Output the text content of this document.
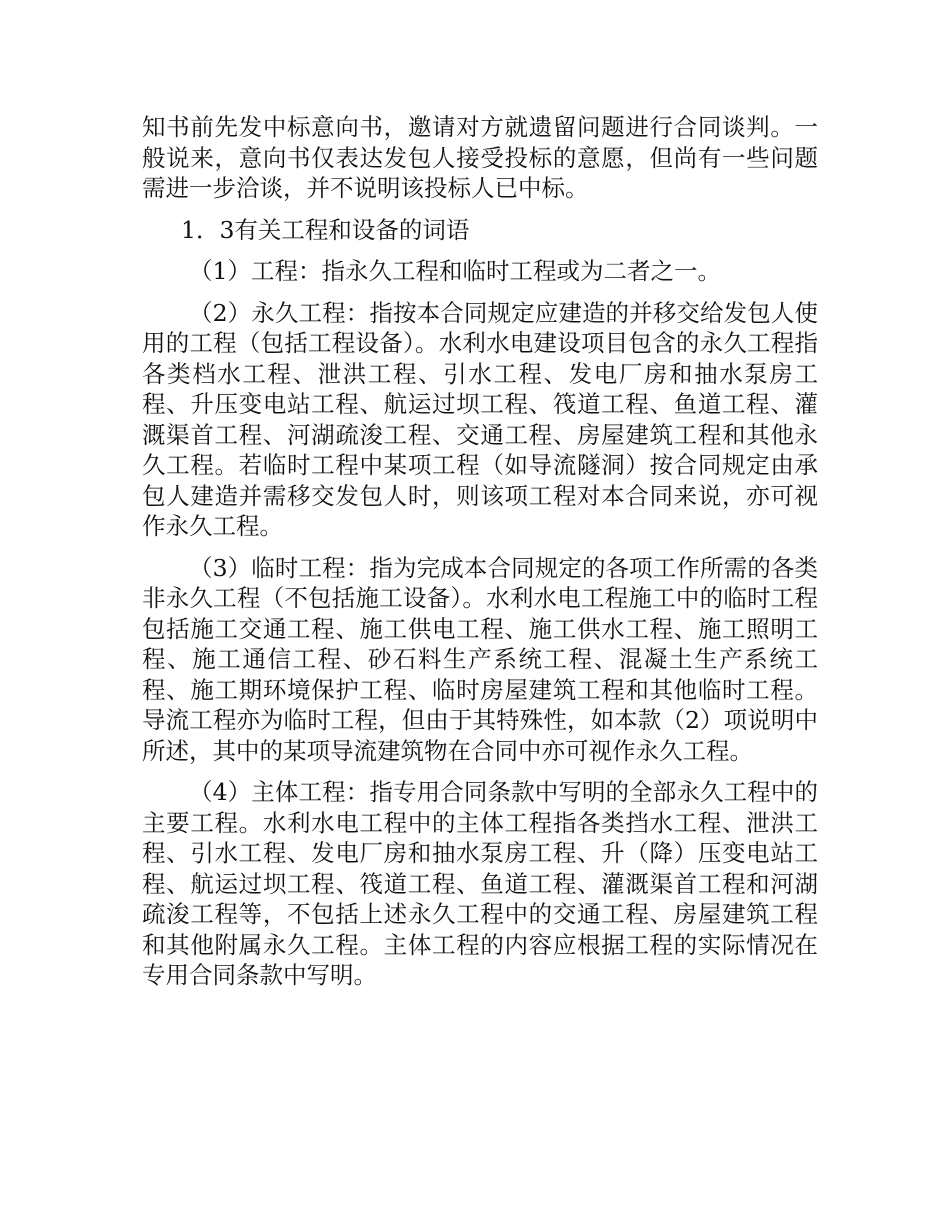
知书前先发中标意向书，邀请对方就遗留问题进行合同谈判。一般说来，意向书仅表达发包人接受投标的意愿，但尚有一些问题需进一步洽谈，并不说明该投标人已中标。

1．3有关工程和设备的词语

（1）工程：指永久工程和临时工程或为二者之一。

（2）永久工程：指按本合同规定应建造的并移交给发包人使用的工程（包括工程设备）。水利水电建设项目包含的永久工程指各类档水工程、泄洪工程、引水工程、发电厂房和抽水泵房工程、升压变电站工程、航运过坝工程、筏道工程、鱼道工程、灌溉渠首工程、河湖疏浚工程、交通工程、房屋建筑工程和其他永久工程。若临时工程中某项工程（如导流隧洞）按合同规定由承包人建造并需移交发包人时，则该项工程对本合同来说，亦可视作永久工程。

（3）临时工程：指为完成本合同规定的各项工作所需的各类非永久工程（不包括施工设备）。水利水电工程施工中的临时工程包括施工交通工程、施工供电工程、施工供水工程、施工照明工程、施工通信工程、砂石料生产系统工程、混凝土生产系统工程、施工期环境保护工程、临时房屋建筑工程和其他临时工程。导流工程亦为临时工程，但由于其特殊性，如本款（2）项说明中所述，其中的某项导流建筑物在合同中亦可视作永久工程。

（4）主体工程：指专用合同条款中写明的全部永久工程中的主要工程。水利水电工程中的主体工程指各类挡水工程、泄洪工程、引水工程、发电厂房和抽水泵房工程、升（降）压变电站工程、航运过坝工程、筏道工程、鱼道工程、灌溉渠首工程和河湖疏浚工程等，不包括上述永久工程中的交通工程、房屋建筑工程和其他附属永久工程。主体工程的内容应根据工程的实际情况在专用合同条款中写明。
